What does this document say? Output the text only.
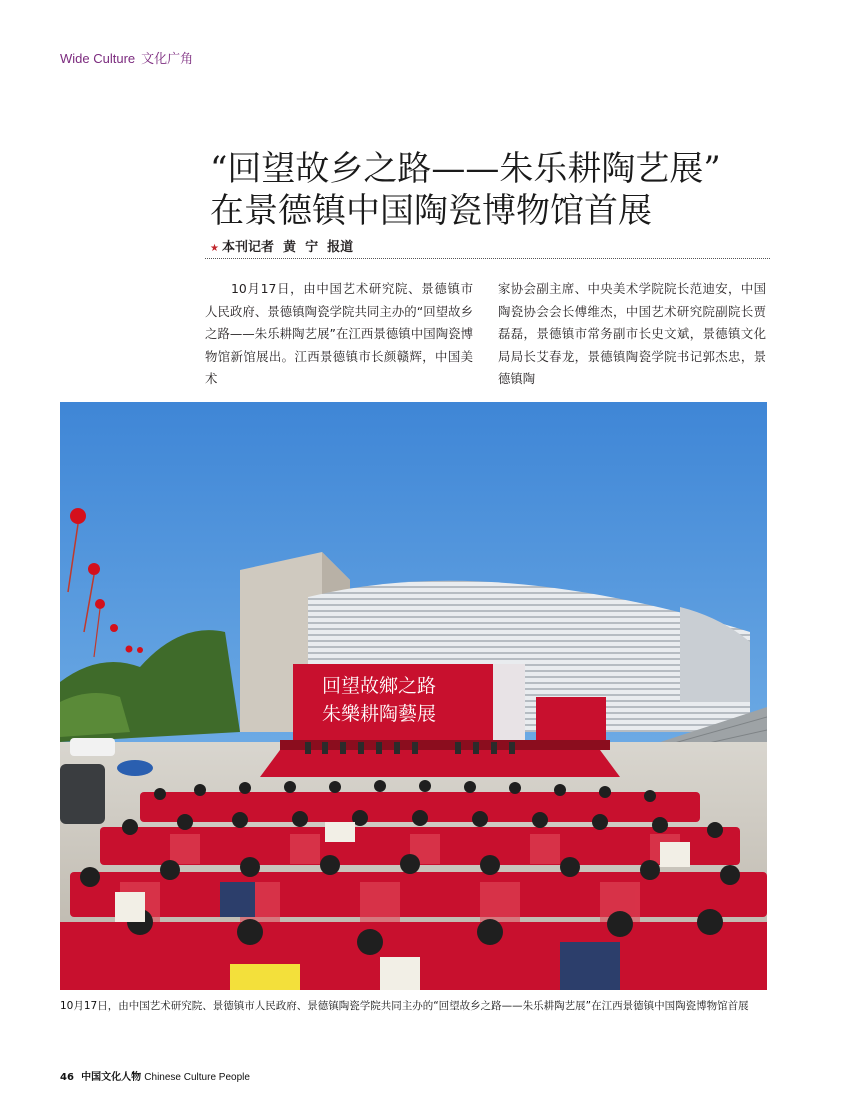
Wide Culture 文化广角
“回望故乡之路——朱乐耕陶艺展”
在景德镇中国陶瓷博物馆首展
★ 本刊记者  黄  宁  报道
10月17日，由中国艺术研究院、景德镇市人民政府、景德镇陶瓷学院共同主办的“回望故乡之路——朱乐耕陶艺展”在江西景德镇中国陶瓷博物馆新馆展出。江西景德镇市长颜赣辉，中国美术
家协会副主席、中央美术学院院长范迪安，中国陶瓷协会会长傅维杰，中国艺术研究院副院长贾磊磊，景德镇市常务副市长史文斌，景德镇文化局局长艾春龙，景德镇陶瓷学院书记郭杰忠，景德镇陶
回望故鄉之路
朱樂耕陶藝展
10月17日，由中国艺术研究院、景德镇市人民政府、景德镇陶瓷学院共同主办的“回望故乡之路——朱乐耕陶艺展”在江西景德镇中国陶瓷博物馆首展
46 中国文化人物 Chinese Culture People
